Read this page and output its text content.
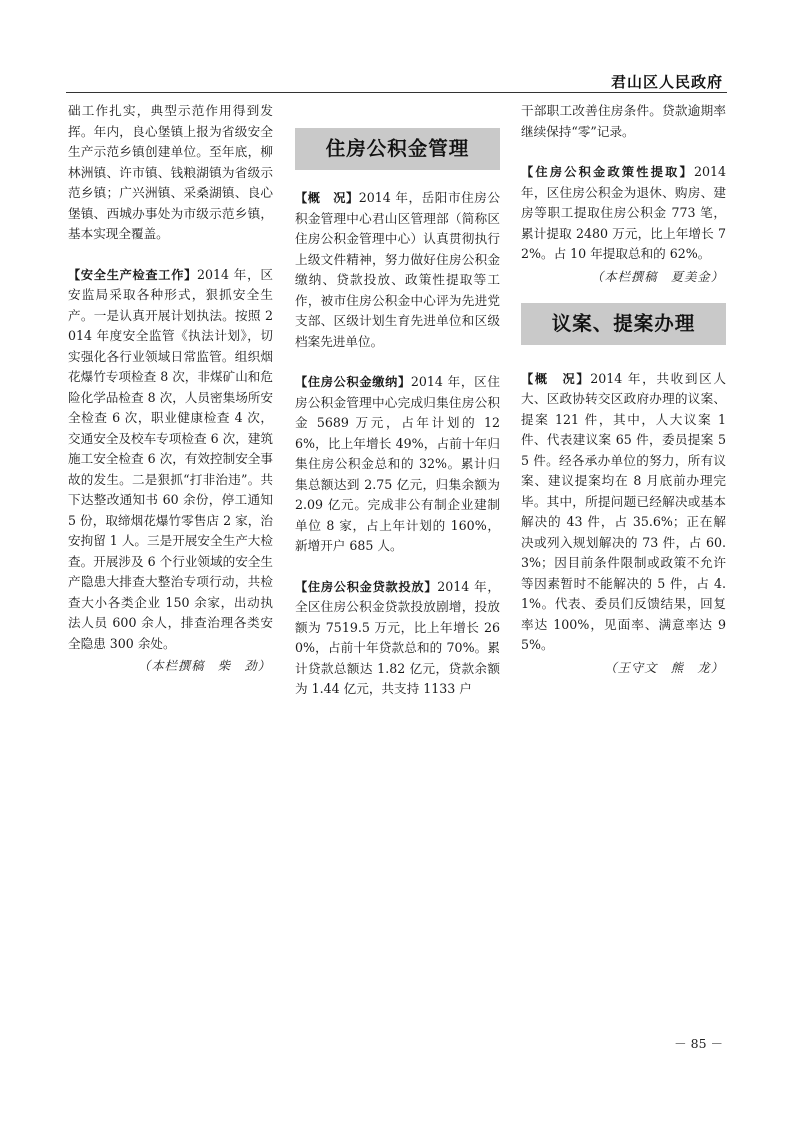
君山区人民政府

础工作扎实，典型示范作用得到发挥。年内，良心堡镇上报为省级安全生产示范乡镇创建单位。至年底，柳林洲镇、许市镇、钱粮湖镇为省级示范乡镇；广兴洲镇、采桑湖镇、良心堡镇、西城办事处为市级示范乡镇，基本实现全覆盖。

【安全生产检查工作】2014 年，区安监局采取各种形式，狠抓安全生产。一是认真开展计划执法。按照 2014 年度安全监管《执法计划》，切实强化各行业领域日常监管。组织烟花爆竹专项检查 8 次，非煤矿山和危险化学品检查 8 次，人员密集场所安全检查 6 次，职业健康检查 4 次，交通安全及校车专项检查 6 次，建筑施工安全检查 6 次，有效控制安全事故的发生。二是狠抓“打非治违”。共下达整改通知书 60 余份，停工通知 5 份，取缔烟花爆竹零售店 2 家，治安拘留 1 人。三是开展安全生产大检查。开展涉及 6 个行业领域的安全生产隐患大排查大整治专项行动，共检查大小各类企业 150 余家，出动执法人员 600 余人，排查治理各类安全隐患 300 余处。

（本栏撰稿　柴　劲）
住房公积金管理

【概　况】2014 年，岳阳市住房公积金管理中心君山区管理部（简称区住房公积金管理中心）认真贯彻执行上级文件精神，努力做好住房公积金缴纳、贷款投放、政策性提取等工作，被市住房公积金中心评为先进党支部、区级计划生育先进单位和区级档案先进单位。

【住房公积金缴纳】2014 年，区住房公积金管理中心完成归集住房公积金 5689 万元，占年计划的 126%，比上年增长 49%，占前十年归集住房公积金总和的 32%。累计归集总额达到 2.75 亿元，归集余额为 2.09 亿元。完成非公有制企业建制单位 8 家，占上年计划的 160%，新增开户 685 人。

【住房公积金贷款投放】2014 年，全区住房公积金贷款投放剧增，投放额为 7519.5 万元，比上年增长 260%，占前十年贷款总和的 70%。累计贷款总额达 1.82 亿元，贷款余额为 1.44 亿元，共支持 1133 户

干部职工改善住房条件。贷款逾期率继续保持“零”记录。

【住房公积金政策性提取】2014 年，区住房公积金为退休、购房、建房等职工提取住房公积金 773 笔，累计提取 2480 万元，比上年增长 72%。占 10 年提取总和的 62%。

（本栏撰稿　夏美金）
议案、提案办理

【概　况】2014 年，共收到区人大、区政协转交区政府办理的议案、提案 121 件，其中，人大议案 1 件、代表建议案 65 件，委员提案 55 件。经各承办单位的努力，所有议案、建议提案均在 8 月底前办理完毕。其中，所提问题已经解决或基本解决的 43 件，占 35.6%；正在解决或列入规划解决的 73 件，占 60.3%；因目前条件限制或政策不允许等因素暂时不能解决的 5 件，占 4.1%。代表、委员们反馈结果，回复率达 100%，见面率、满意率达 95%。

（王守文　熊　龙）
－ 85 －
